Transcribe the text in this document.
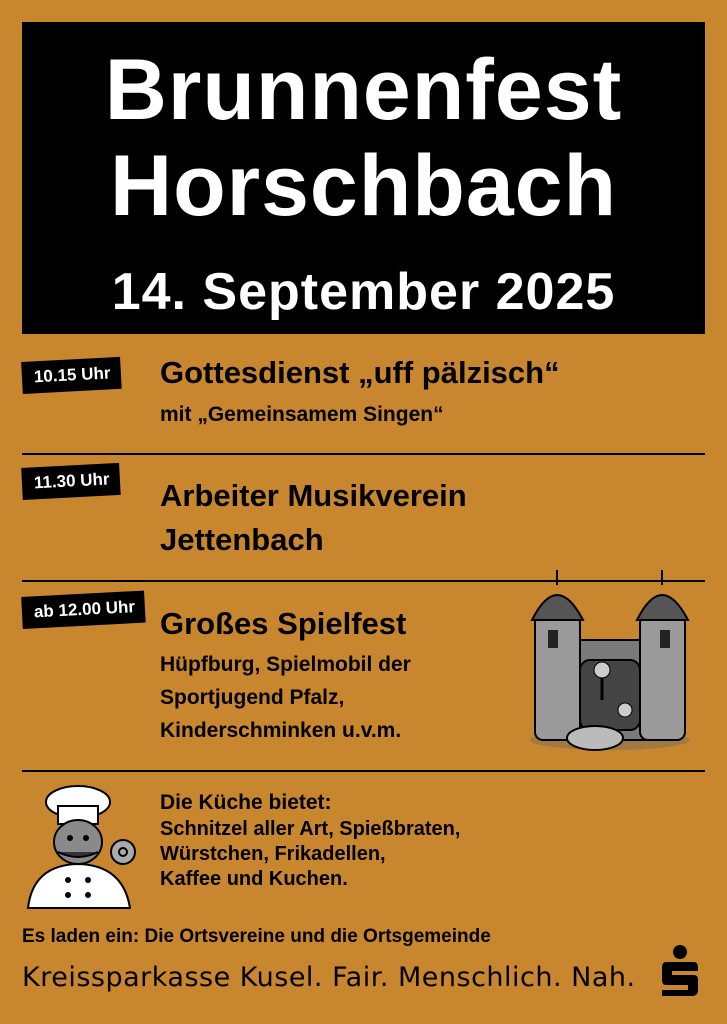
Brunnenfest
Horschbach
14. September 2025
10.15 Uhr	Gottesdienst „uff pälzisch“
mit „Gemeinsamem Singen“
11.30 Uhr	Arbeiter Musikverein
Jettenbach
ab 12.00 Uhr Großes Spielfest
Hüpfburg, Spielmobil der
Sportjugend Pfalz,
Kinderschminken u.v.m.
Die Küche bietet:
Schnitzel aller Art, Spießbraten,
Würstchen, Frikadellen,
Kaffee und Kuchen.
Es laden ein: Die Ortsvereine und die Ortsgemeinde
Kreissparkasse Kusel. Fair. Menschlich. Nah.
